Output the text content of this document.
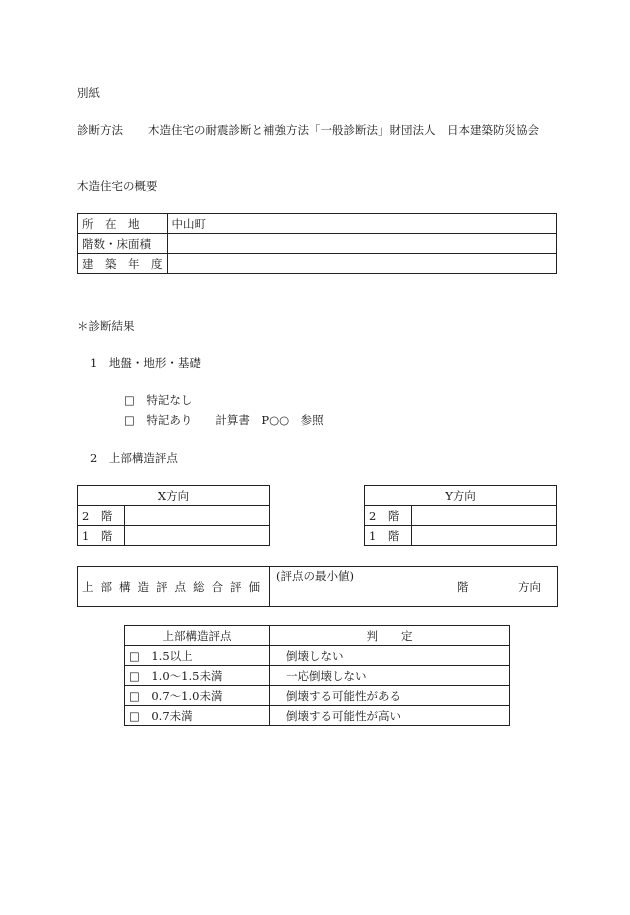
別紙
診断方法 木造住宅の耐震診断と補強方法「一般診断法」財団法人　日本建築防災協会
木造住宅の概要
所　在　地	中山町
階数・床面積	
建　築　年　度	
＊診断結果
1　地盤・地形・基礎
□　特記なし
□　特記あり　　計算書　P○○　参照
2　上部構造評点
X方向	
2　階	
1　階	
Y方向	
2　階	
1　階	
上部構造評点総合評価
(評点の最小値)
階	方向
上部構造評点	判　　定
□　1.5以上	倒壊しない
□　1.0～1.5未満	一応倒壊しない
□　0.7～1.0未満	倒壊する可能性がある
□　0.7未満	倒壊する可能性が高い
